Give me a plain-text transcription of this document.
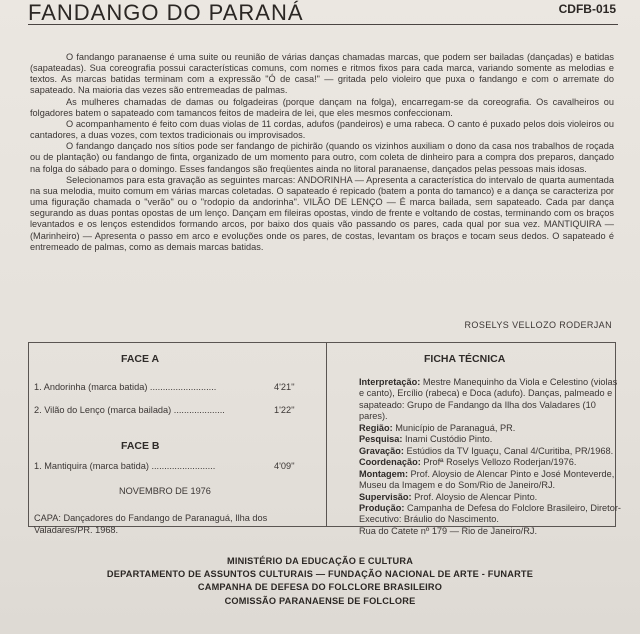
FANDANGO DO PARANÁ	CDFB-015

O fandango paranaense é uma suite ou reunião de várias danças chamadas marcas, que podem ser bailadas (dançadas) e batidas (sapateadas). Sua coreografia possui características comuns, com nomes e ritmos fixos para cada marca, variando somente as melodias e textos. As marcas batidas terminam com a expressão "Ó de casa!" — gritada pelo violeiro que puxa o fandango e com o arremate do sapateado. Na maioria das vezes são entremeadas de palmas.

As mulheres chamadas de damas ou folgadeiras (porque dançam na folga), encarregam-se da coreografia. Os cavalheiros ou folgadores batem o sapateado com tamancos feitos de madeira de lei, que eles mesmos confeccionam.

O acompanhamento é feito com duas violas de 11 cordas, adufos (pandeiros) e uma rabeca. O canto é puxado pelos dois violeiros ou cantadores, a duas vozes, com textos tradicionais ou improvisados.

O fandango dançado nos sítios pode ser fandango de pichirão (quando os vizinhos auxiliam o dono da casa nos trabalhos de roçada ou de plantação) ou fandango de finta, organizado de um momento para outro, com coleta de dinheiro para a compra dos preparos, dançado na folga do sábado para o domingo. Esses fandangos são freqüentes ainda no litoral paranaense, dançados pelas pessoas mais idosas.

Selecionamos para esta gravação as seguintes marcas: ANDORINHA — Apresenta a característica do intervalo de quarta aumentada na sua melodia, muito comum em várias marcas coletadas. O sapateado é repicado (batem a ponta do tamanco) e a dança se caracteriza por uma figuração chamada o "verão" ou o "rodopio da andorinha". VILÃO DE LENÇO — É marca bailada, sem sapateado. Cada par dança segurando as duas pontas opostas de um lenço. Dançam em fileiras opostas, vindo de frente e voltando de costas, terminando com os braços levantados e os lenços estendidos formando arcos, por baixo dos quais vão passando os pares, cada qual por sua vez. MANTIQUIRA — (Marinheiro) — Apresenta o passo em arco e evoluções onde os pares, de costas, levantam os braços e tocam seus dedos. O sapateado é entremeado de palmas, como as demais marcas batidas.

ROSELYS VELLOZO RODERJAN
FACE A
1. Andorinha (marca batida) ..........................	4'21''
2. Vilão do Lenço (marca bailada) ....................	1'22''
FACE B
1. Mantiquira (marca batida) .........................	4'09''
NOVEMBRO DE 1976
CAPA: Dançadores do Fandango de Paranaguá, Ilha dos Valadares/PR. 1968.
FICHA TÉCNICA
Interpretação: Mestre Manequinho da Viola e Celestino (violas e canto), Ercílio (rabeca) e Doca (adufo). Danças, palmeado e sapateado: Grupo de Fandango da Ilha dos Valadares (10 pares).
Região: Município de Paranaguá, PR.
Pesquisa: Inami Custódio Pinto.
Gravação: Estúdios da TV Iguaçu, Canal 4/Curitiba, PR/1968.
Coordenação: Profª Roselys Vellozo Roderjan/1976.
Montagem: Prof. Aloysio de Alencar Pinto e José Monteverde, Museu da Imagem e do Som/Rio de Janeiro/RJ.
Supervisão: Prof. Aloysio de Alencar Pinto.
Produção: Campanha de Defesa do Folclore Brasileiro, Diretor-Executivo: Bráulio do Nascimento.
Rua do Catete nº 179 — Rio de Janeiro/RJ.
MINISTÉRIO DA EDUCAÇÃO E CULTURA
DEPARTAMENTO DE ASSUNTOS CULTURAIS — FUNDAÇÃO NACIONAL DE ARTE - FUNARTE
CAMPANHA DE DEFESA DO FOLCLORE BRASILEIRO
COMISSÃO PARANAENSE DE FOLCLORE
